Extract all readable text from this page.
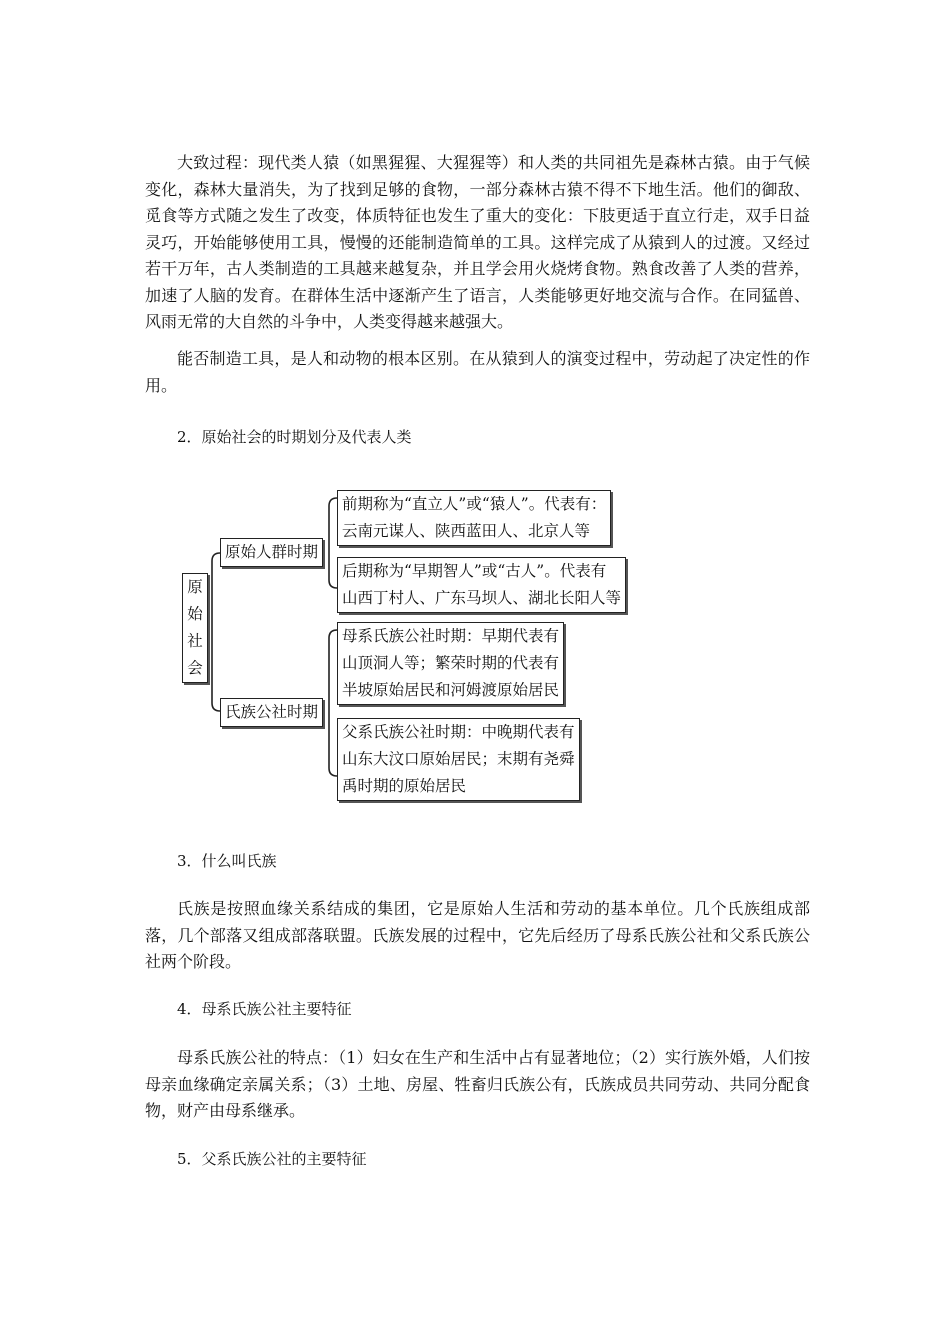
大致过程：现代类人猿（如黑猩猩、大猩猩等）和人类的共同祖先是森林古猿。由于气候变化，森林大量消失，为了找到足够的食物，一部分森林古猿不得不下地生活。他们的御敌、觅食等方式随之发生了改变，体质特征也发生了重大的变化：下肢更适于直立行走，双手日益灵巧，开始能够使用工具，慢慢的还能制造简单的工具。这样完成了从猿到人的过渡。又经过若干万年，古人类制造的工具越来越复杂，并且学会用火烧烤食物。熟食改善了人类的营养，加速了人脑的发育。在群体生活中逐渐产生了语言，人类能够更好地交流与合作。在同猛兽、风雨无常的大自然的斗争中，人类变得越来越强大。

能否制造工具，是人和动物的根本区别。在从猿到人的演变过程中，劳动起了决定性的作用。

2．原始社会的时期划分及代表人类

原
始
社
会
原始人群时期
氏族公社时期
前期称为“直立人”或“猿人”。代表有：
云南元谋人、陕西蓝田人、北京人等
后期称为“早期智人”或“古人”。代表有
山西丁村人、广东马坝人、湖北长阳人等
母系氏族公社时期：早期代表有
山顶洞人等；繁荣时期的代表有
半坡原始居民和河姆渡原始居民
父系氏族公社时期：中晚期代表有
山东大汶口原始居民；末期有尧舜
禹时期的原始居民

3．什么叫氏族

氏族是按照血缘关系结成的集团，它是原始人生活和劳动的基本单位。几个氏族组成部落，几个部落又组成部落联盟。氏族发展的过程中，它先后经历了母系氏族公社和父系氏族公社两个阶段。

4．母系氏族公社主要特征

母系氏族公社的特点：（1）妇女在生产和生活中占有显著地位；（2）实行族外婚，人们按母亲血缘确定亲属关系；（3）土地、房屋、牲畜归氏族公有，氏族成员共同劳动、共同分配食物，财产由母系继承。

5．父系氏族公社的主要特征
